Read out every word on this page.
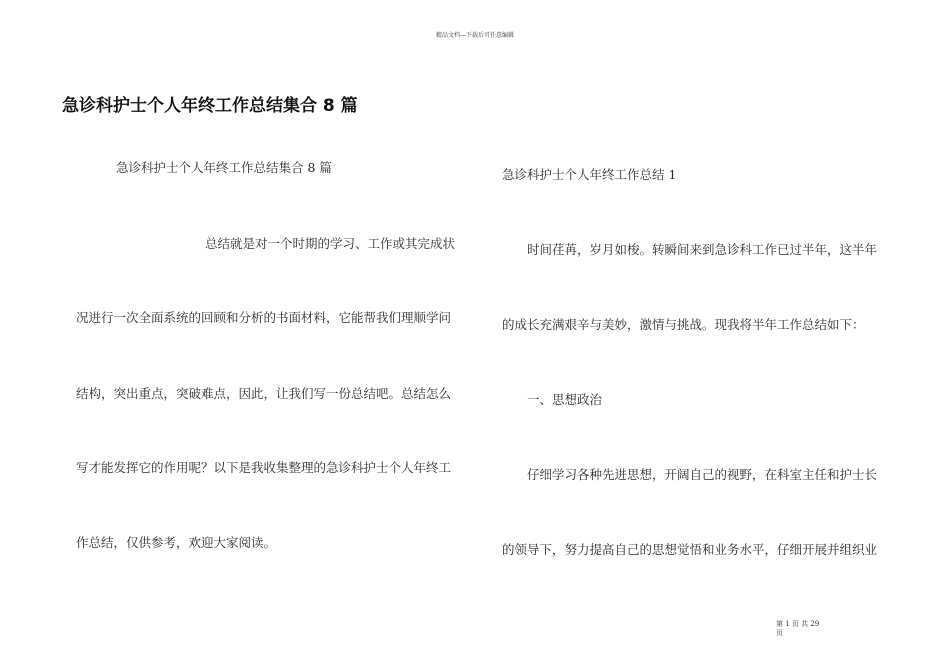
精品文档---下载后可任意编辑
急诊科护士个人年终工作总结集合 8 篇
急诊科护士个人年终工作总结集合 8 篇
总结就是对一个时期的学习、工作或其完成状
况进行一次全面系统的回顾和分析的书面材料，它能帮我们理顺学问
结构，突出重点，突破难点，因此，让我们写一份总结吧。总结怎么
写才能发挥它的作用呢？以下是我收集整理的急诊科护士个人年终工
作总结，仅供参考，欢迎大家阅读。
急诊科护士个人年终工作总结 1
时间荏苒，岁月如梭。转瞬间来到急诊科工作已过半年，这半年
的成长充满艰辛与美妙，激情与挑战。现我将半年工作总结如下：
一、思想政治
仔细学习各种先进思想，开阔自己的视野，在科室主任和护士长
的领导下，努力提高自己的思想觉悟和业务水平，仔细开展并组织业
第 1 页 共 29
页
